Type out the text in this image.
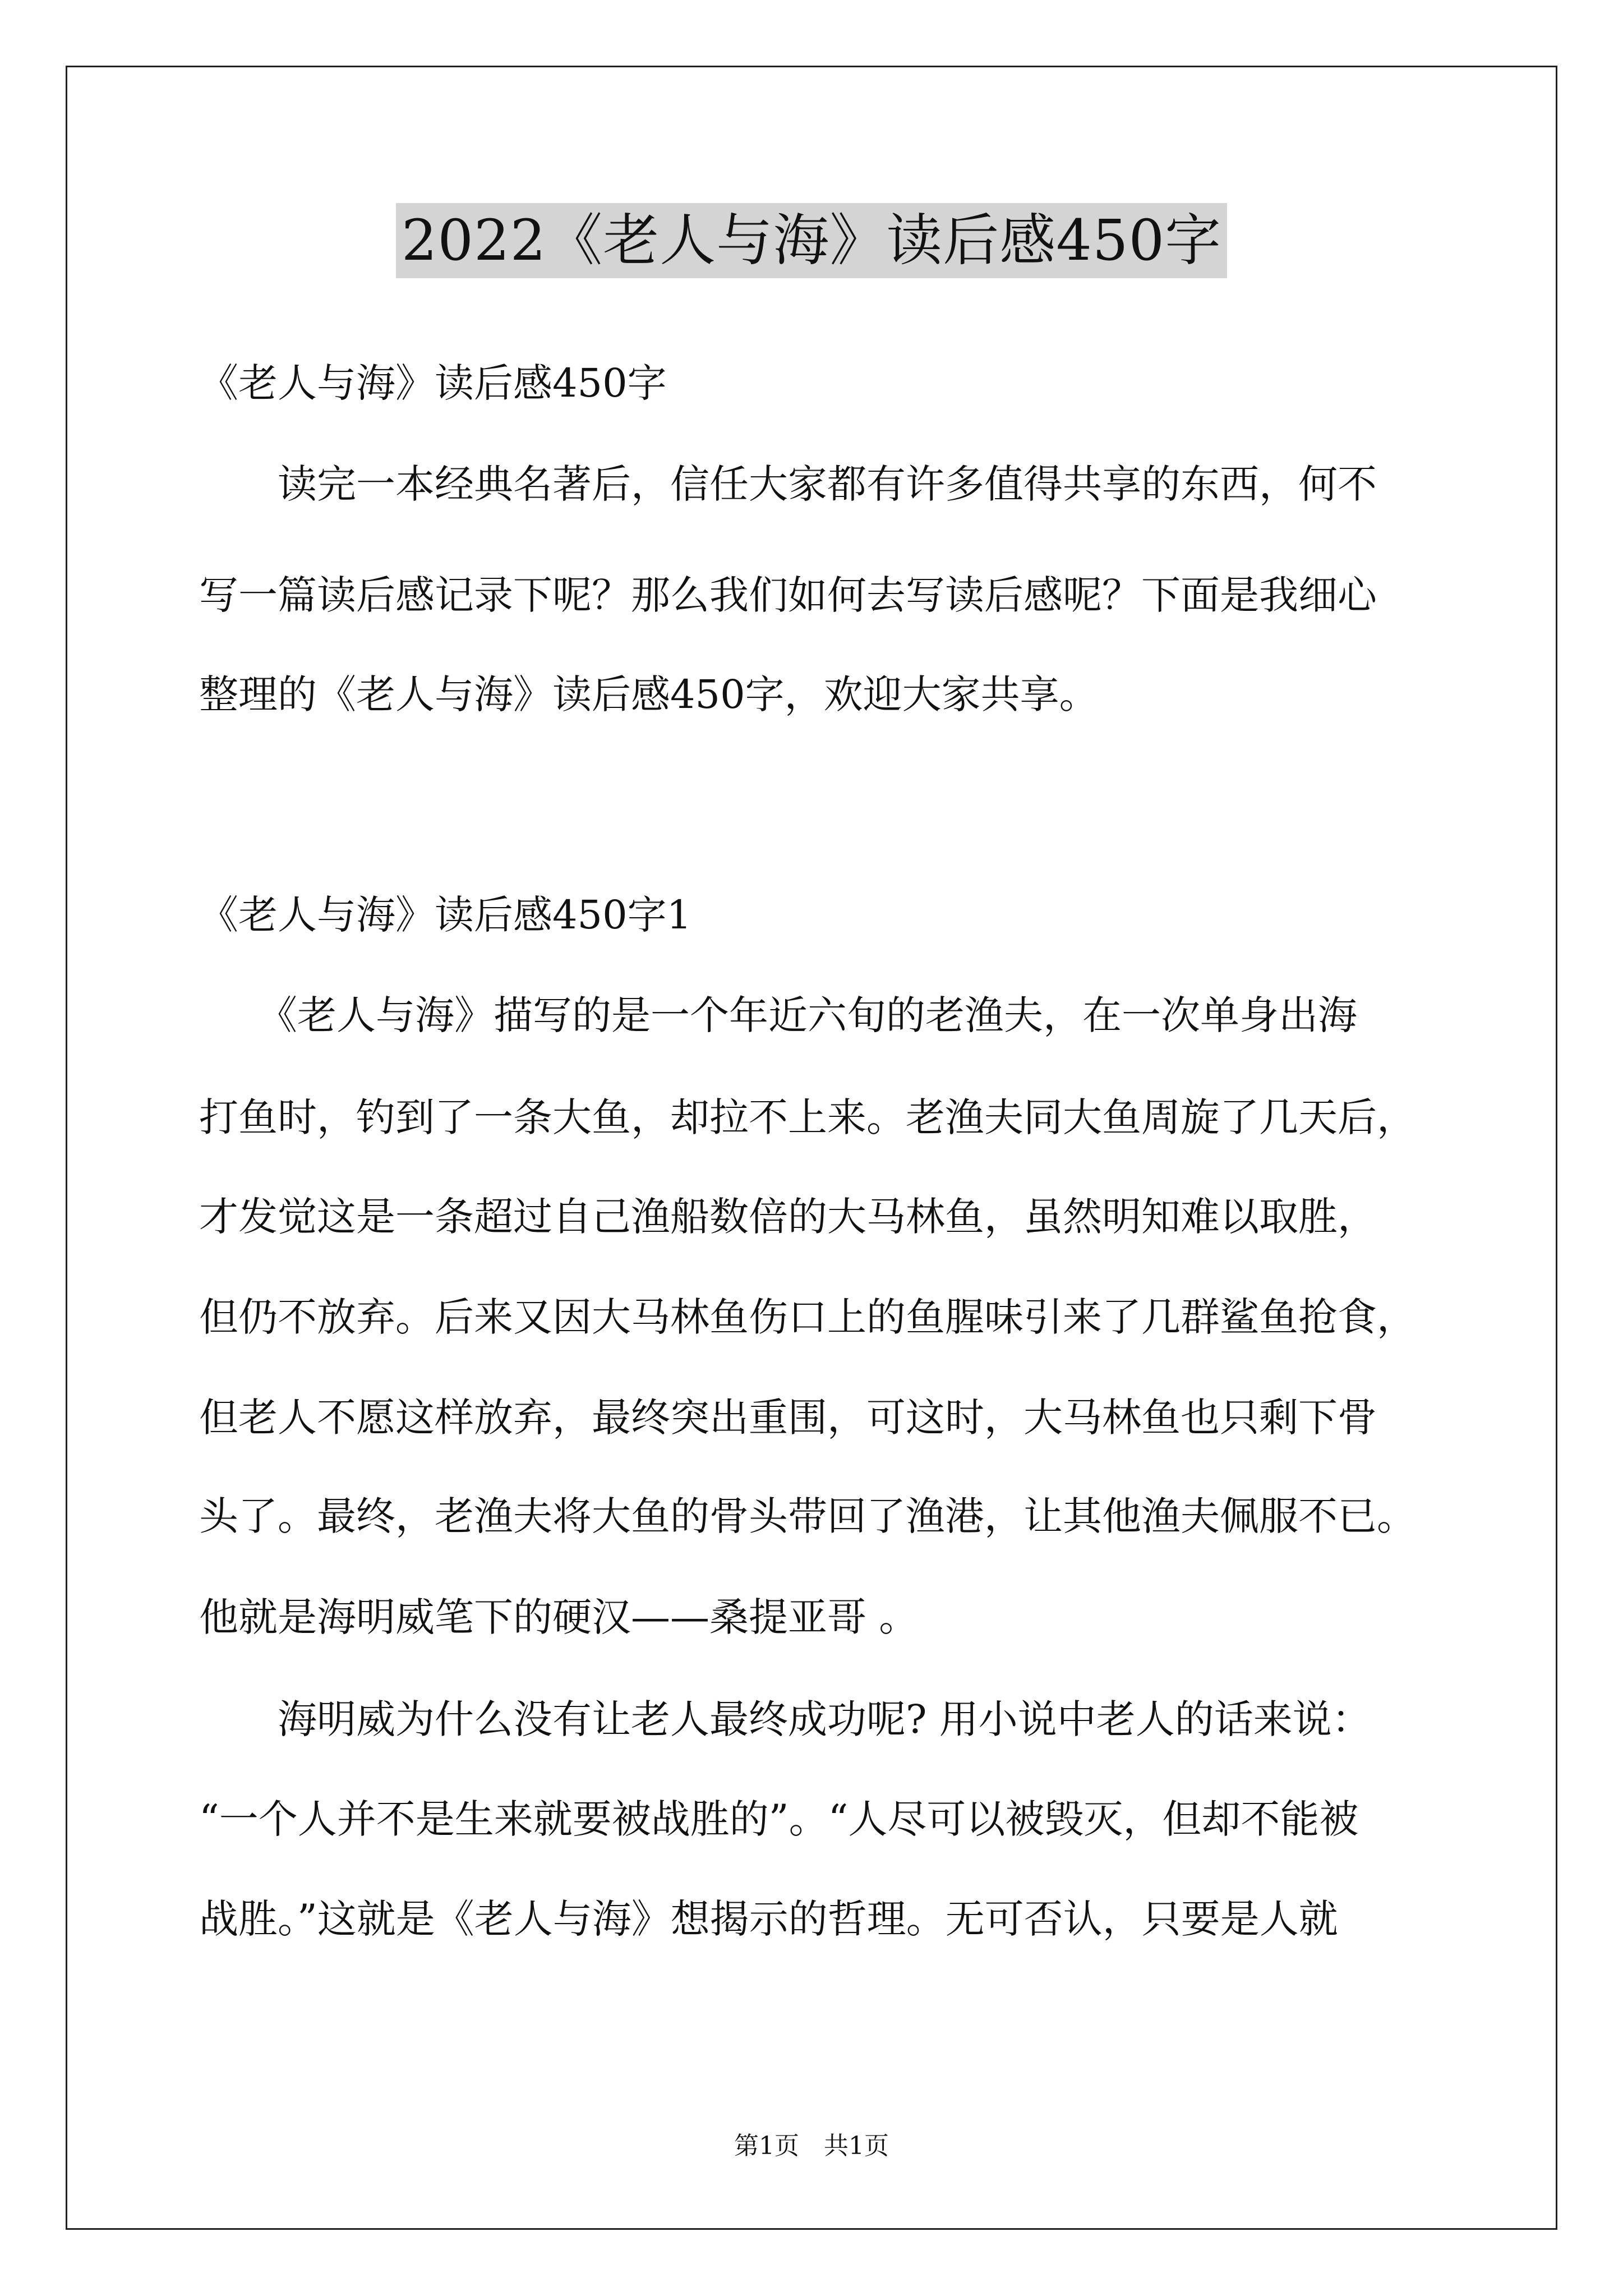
2022《老人与海》读后感450字
《老人与海》读后感450字
　　读完一本经典名著后，信任大家都有许多值得共享的东西，何不
写一篇读后感记录下呢？那么我们如何去写读后感呢？下面是我细心
整理的《老人与海》读后感450字，欢迎大家共享。
《老人与海》读后感450字1
　　《老人与海》描写的是一个年近六旬的老渔夫，在一次单身出海
打鱼时，钓到了一条大鱼，却拉不上来。老渔夫同大鱼周旋了几天后，
才发觉这是一条超过自己渔船数倍的大马林鱼，虽然明知难以取胜，
但仍不放弃。后来又因大马林鱼伤口上的鱼腥味引来了几群鲨鱼抢食，
但老人不愿这样放弃，最终突出重围，可这时，大马林鱼也只剩下骨
头了。最终，老渔夫将大鱼的骨头带回了渔港，让其他渔夫佩服不已。
他就是海明威笔下的硬汉——桑提亚哥 。
　　海明威为什么没有让老人最终成功呢? 用小说中老人的话来说：
“一个人并不是生来就要被战胜的”。“人尽可以被毁灭，但却不能被
战胜。”这就是《老人与海》想揭示的哲理。无可否认，只要是人就
第1页　共1页
